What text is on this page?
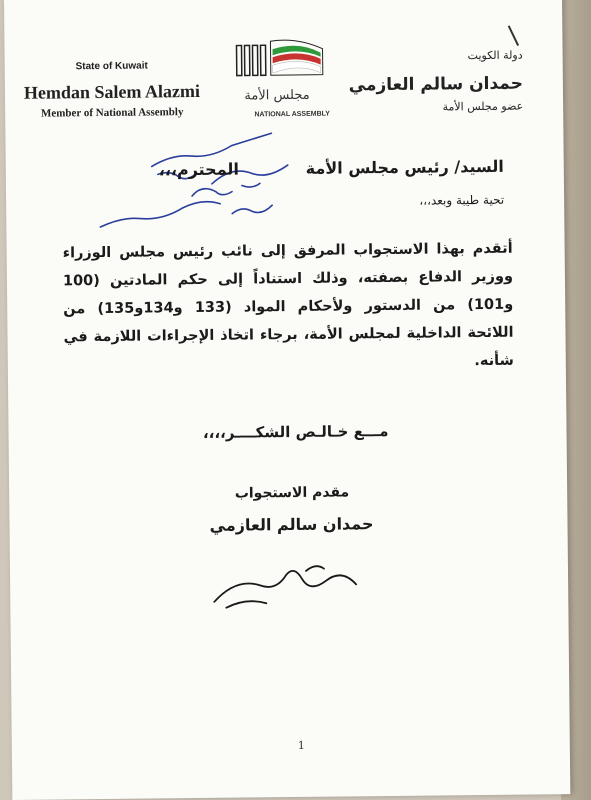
State of Kuwait
Hemdan Salem Alazmi
Member of National Assembly
مجلس الأمة
NATIONAL ASSEMBLY
دولة الكويت
حمدان سالم العازمي
عضو مجلس الأمة
السيد/ رئيس مجلس الأمة            المحترم،،،
تحية طيبة وبعد،،،
أتقدم بهذا الاستجواب المرفق إلى نائب رئيس مجلس الوزراء ووزير الدفاع بصفته، وذلك استناداً إلى حكم المادتين (100 و101) من الدستور ولأحكام المواد (133 و134و135) من اللائحة الداخلية لمجلس الأمة، برجاء اتخاذ الإجراءات اللازمة في شأنه.
مـــع خـالـص الشكــــر،،،،
مقدم الاستجواب
حمدان سالم العازمي
1
